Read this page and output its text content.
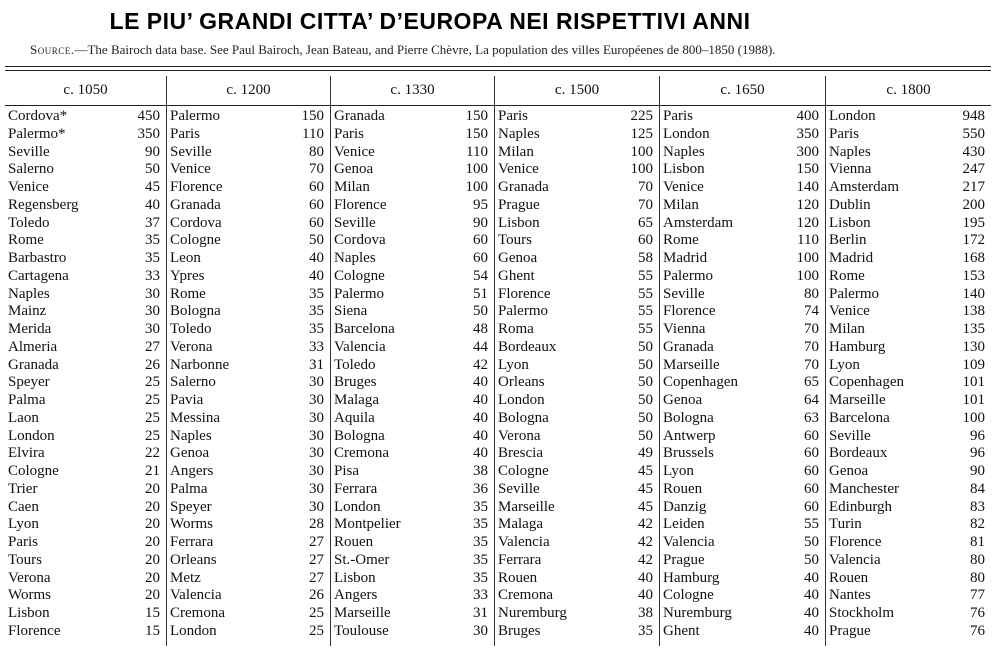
LE PIU’ GRANDI CITTA’ D’EUROPA NEI RISPETTIVI ANNI
Source.—The Bairoch data base. See Paul Bairoch, Jean Bateau, and Pierre Chèvre, La population des villes Européenes de 800–1850 (1988).
c. 1050
Cordova*	450
Palermo*	350
Seville	90
Salerno	50
Venice	45
Regensberg	40
Toledo	37
Rome	35
Barbastro	35
Cartagena	33
Naples	30
Mainz	30
Merida	30
Almeria	27
Granada	26
Speyer	25
Palma	25
Laon	25
London	25
Elvira	22
Cologne	21
Trier	20
Caen	20
Lyon	20
Paris	20
Tours	20
Verona	20
Worms	20
Lisbon	15
Florence	15
c. 1200
Palermo	150
Paris	110
Seville	80
Venice	70
Florence	60
Granada	60
Cordova	60
Cologne	50
Leon	40
Ypres	40
Rome	35
Bologna	35
Toledo	35
Verona	33
Narbonne	31
Salerno	30
Pavia	30
Messina	30
Naples	30
Genoa	30
Angers	30
Palma	30
Speyer	30
Worms	28
Ferrara	27
Orleans	27
Metz	27
Valencia	26
Cremona	25
London	25
c. 1330
Granada	150
Paris	150
Venice	110
Genoa	100
Milan	100
Florence	95
Seville	90
Cordova	60
Naples	60
Cologne	54
Palermo	51
Siena	50
Barcelona	48
Valencia	44
Toledo	42
Bruges	40
Malaga	40
Aquila	40
Bologna	40
Cremona	40
Pisa	38
Ferrara	36
London	35
Montpelier	35
Rouen	35
St.-Omer	35
Lisbon	35
Angers	33
Marseille	31
Toulouse	30
c. 1500
Paris	225
Naples	125
Milan	100
Venice	100
Granada	70
Prague	70
Lisbon	65
Tours	60
Genoa	58
Ghent	55
Florence	55
Palermo	55
Roma	55
Bordeaux	50
Lyon	50
Orleans	50
London	50
Bologna	50
Verona	50
Brescia	49
Cologne	45
Seville	45
Marseille	45
Malaga	42
Valencia	42
Ferrara	42
Rouen	40
Cremona	40
Nuremburg	38
Bruges	35
c. 1650
Paris	400
London	350
Naples	300
Lisbon	150
Venice	140
Milan	120
Amsterdam	120
Rome	110
Madrid	100
Palermo	100
Seville	80
Florence	74
Vienna	70
Granada	70
Marseille	70
Copenhagen	65
Genoa	64
Bologna	63
Antwerp	60
Brussels	60
Lyon	60
Rouen	60
Danzig	60
Leiden	55
Valencia	50
Prague	50
Hamburg	40
Cologne	40
Nuremburg	40
Ghent	40
c. 1800
London	948
Paris	550
Naples	430
Vienna	247
Amsterdam	217
Dublin	200
Lisbon	195
Berlin	172
Madrid	168
Rome	153
Palermo	140
Venice	138
Milan	135
Hamburg	130
Lyon	109
Copenhagen	101
Marseille	101
Barcelona	100
Seville	96
Bordeaux	96
Genoa	90
Manchester	84
Edinburgh	83
Turin	82
Florence	81
Valencia	80
Rouen	80
Nantes	77
Stockholm	76
Prague	76
